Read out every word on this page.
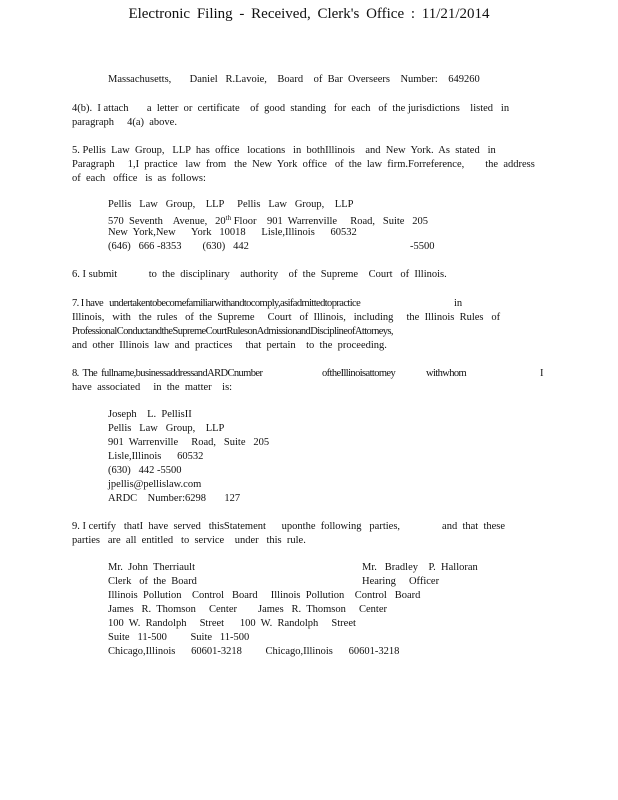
Electronic Filing - Received, Clerk's Office : 11/21/2014
Massachusetts,       Daniel   R.Lavoie,    Board    of  Bar  Overseers    Number:    649260
4(b).  I attach       a  letter  or  certificate    of  good  standing   for  each   of  the jurisdictions    listed   in
paragraph     4(a)  above.
5. Pellis  Law  Group,   LLP  has  office   locations   in  bothIllinois    and  New  York.  As  stated   in
Paragraph     1,I  practice   law  from   the  New  York  office   of  the  law  firm.Forreference,        the  address
of  each   office   is  as  follows:
Pellis   Law   Group,    LLP     Pellis   Law   Group,    LLP
570  Seventh    Avenue,   20th Floor    901  Warrenville     Road,   Suite   205
New  York,New      York   10018      Lisle,Illinois      60532
(646)   666 -8353        (630)   442	-5500
6. I submit            to  the  disciplinary    authority    of  the  Supreme    Court   of  Illinois.
7. I have   undertakentobecomefamiliarwithandtocomply,asifadmittedtopractice	in
Illinois,   with   the  rules   of  the  Supreme     Court   of  Illinois,   including     the  Illinois  Rules   of
ProfessionalConductandtheSupremeCourtRulesonAdmissionandDisciplineofAttorneys,
and  other  Illinois  law  and  practices     that  pertain    to  the  proceeding.
8.  The  fullname,businessaddressandARDCnumber	oftheIllinoisattorney	withwhom	I
have  associated     in  the  matter    is:
Joseph    L.  PellisII
Pellis   Law   Group,    LLP
901  Warrenville     Road,   Suite   205
Lisle,Illinois      60532
(630)   442 -5500
jpellis@pellislaw.com
ARDC    Number:6298       127
9. I certify   thatI  have  served   thisStatement      uponthe  following   parties,                and  that  these
parties   are  all  entitled   to  service    under   this  rule.
Mr.  John  Therriault	Mr.   Bradley    P.  Halloran
Clerk   of  the  Board	Hearing     Officer
Illinois  Pollution    Control   Board     Illinois  Pollution    Control   Board
James   R.  Thomson     Center        James   R.  Thomson     Center
100  W.  Randolph     Street      100  W.  Randolph     Street
Suite   11-500         Suite   11-500
Chicago,Illinois      60601-3218         Chicago,Illinois      60601-3218
